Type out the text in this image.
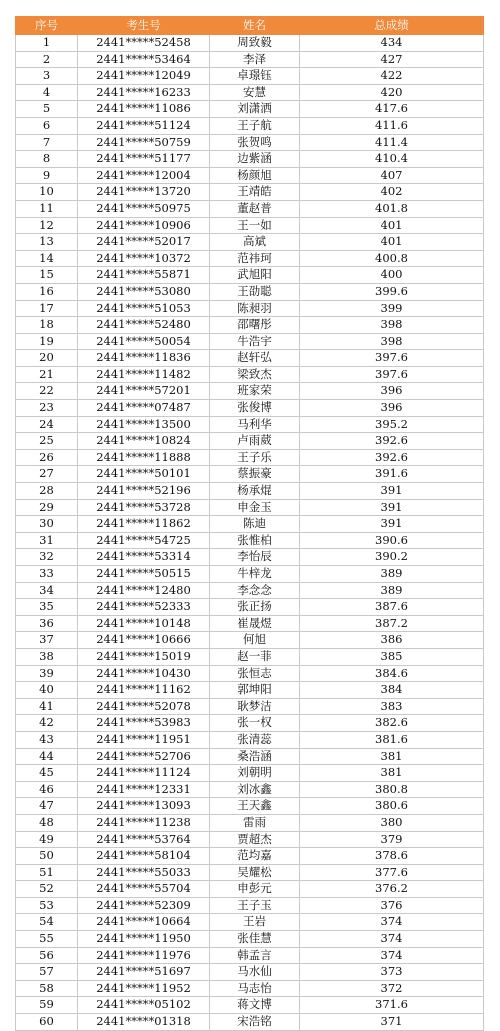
序号	考生号	姓名	总成绩
1	2441*****52458	周致毅	434
2	2441*****53464	李泽	427
3	2441*****12049	卓璟钰	422
4	2441*****16233	安慧	420
5	2441*****11086	刘潇洒	417.6
6	2441*****51124	王子航	411.6
7	2441*****50759	张贺鸣	411.4
8	2441*****51177	边紫涵	410.4
9	2441*****12004	杨颜旭	407
10	2441*****13720	王靖皓	402
11	2441*****50975	董赵普	401.8
12	2441*****10906	王一如	401
13	2441*****52017	高斌	401
14	2441*****10372	范祎珂	400.8
15	2441*****55871	武旭阳	400
16	2441*****53080	王劭聪	399.6
17	2441*****51053	陈昶羽	399
18	2441*****52480	邵曙彤	398
19	2441*****50054	牛浩宇	398
20	2441*****11836	赵轩弘	397.6
21	2441*****11482	梁致杰	397.6
22	2441*****57201	班家荣	396
23	2441*****07487	张俊博	396
24	2441*****13500	马利华	395.2
25	2441*****10824	卢雨葳	392.6
26	2441*****11888	王子乐	392.6
27	2441*****50101	蔡振豪	391.6
28	2441*****52196	杨承焜	391
29	2441*****53728	申金玉	391
30	2441*****11862	陈迪	391
31	2441*****54725	张惟柏	390.6
32	2441*****53314	李怡辰	390.2
33	2441*****50515	牛梓龙	389
34	2441*****12480	李念念	389
35	2441*****52333	张正扬	387.6
36	2441*****10148	崔晟煜	387.2
37	2441*****10666	何旭	386
38	2441*****15019	赵一菲	385
39	2441*****10430	张恒志	384.6
40	2441*****11162	郭坤阳	384
41	2441*****52078	耿梦洁	383
42	2441*****53983	张一权	382.6
43	2441*****11951	张清蕊	381.6
44	2441*****52706	桑浩涵	381
45	2441*****11124	刘朝明	381
46	2441*****12331	刘冰鑫	380.8
47	2441*****13093	王天鑫	380.6
48	2441*****11238	雷雨	380
49	2441*****53764	贾超杰	379
50	2441*****58104	范均嘉	378.6
51	2441*****55033	吴耀松	377.6
52	2441*****55704	申彭元	376.2
53	2441*****52309	王子玉	376
54	2441*****10664	王岩	374
55	2441*****11950	张佳慧	374
56	2441*****11976	韩孟言	374
57	2441*****51697	马水仙	373
58	2441*****11952	马志怡	372
59	2441*****05102	蒋文博	371.6
60	2441*****01318	宋浩铭	371
